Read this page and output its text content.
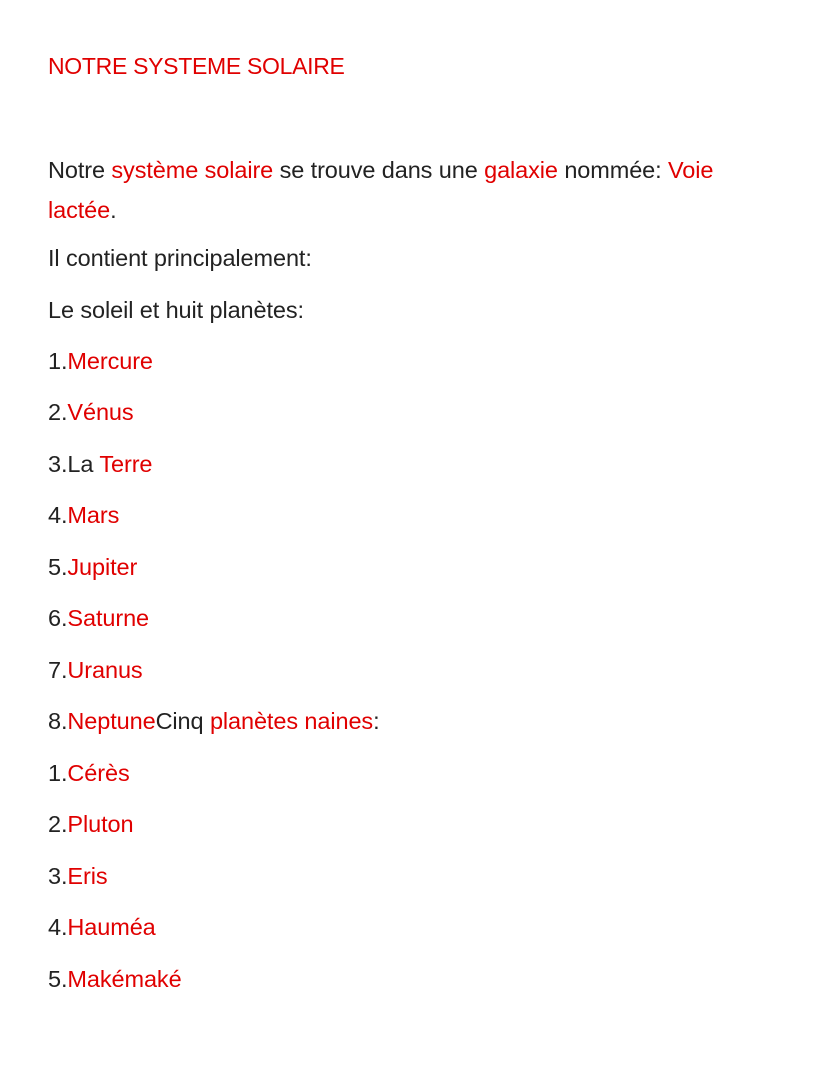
NOTRE SYSTEME SOLAIRE
Notre système solaire se trouve dans une galaxie nommée: Voie lactée.
Il contient principalement:
Le soleil et huit planètes:
1.Mercure
2.Vénus
3.La Terre
4.Mars
5.Jupiter
6.Saturne
7.Uranus
8.NeptuneCinq planètes naines:
1.Cérès
2.Pluton
3.Eris
4.Hauméa
5.Makémaké
